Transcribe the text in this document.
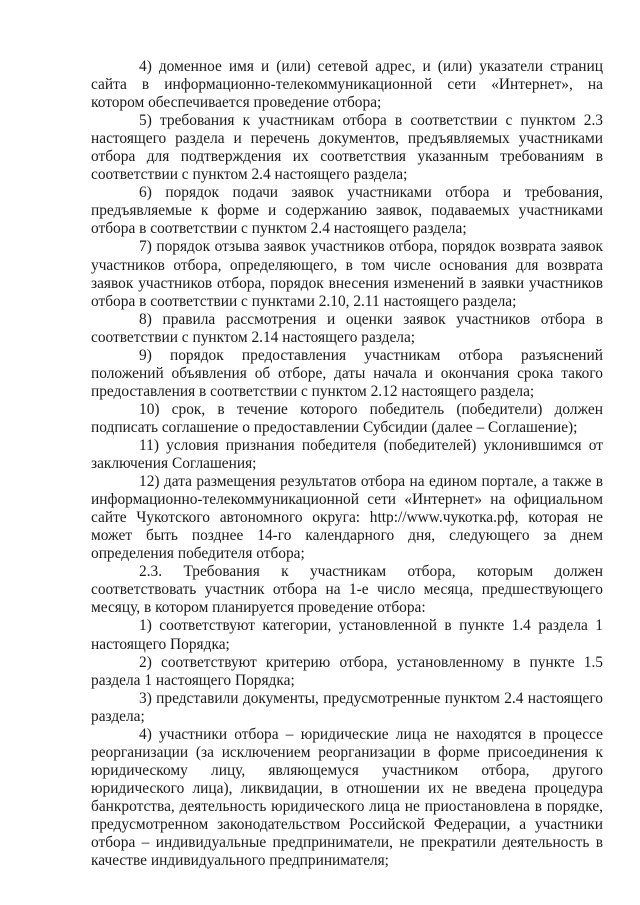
4) доменное имя и (или) сетевой адрес, и (или) указатели страниц сайта в информационно-телекоммуникационной сети «Интернет», на котором обеспечивается проведение отбора;

5) требования к участникам отбора в соответствии с пунктом 2.3 настоящего раздела и перечень документов, предъявляемых участниками отбора для подтверждения их соответствия указанным требованиям в соответствии с пунктом 2.4 настоящего раздела;

6) порядок подачи заявок участниками отбора и требования, предъявляемые к форме и содержанию заявок, подаваемых участниками отбора в соответствии с пунктом 2.4 настоящего раздела;

7) порядок отзыва заявок участников отбора, порядок возврата заявок участников отбора, определяющего, в том числе основания для возврата заявок участников отбора, порядок внесения изменений в заявки участников отбора в соответствии с пунктами 2.10, 2.11 настоящего раздела;

8) правила рассмотрения и оценки заявок участников отбора в соответствии с пунктом 2.14 настоящего раздела;

9) порядок предоставления участникам отбора разъяснений положений объявления об отборе, даты начала и окончания срока такого предоставления в соответствии с пунктом 2.12 настоящего раздела;

10) срок, в течение которого победитель (победители) должен подписать соглашение о предоставлении Субсидии (далее – Соглашение);

11) условия признания победителя (победителей) уклонившимся от заключения Соглашения;

12) дата размещения результатов отбора на едином портале, а также в информационно-телекоммуникационной сети «Интернет» на официальном сайте Чукотского автономного округа: http://www.чукотка.рф, которая не может быть позднее 14-го календарного дня, следующего за днем определения победителя отбора;

2.3. Требования к участникам отбора, которым должен соответствовать участник отбора на 1-е число месяца, предшествующего месяцу, в котором планируется проведение отбора:

1) соответствуют категории, установленной в пункте 1.4 раздела 1 настоящего Порядка;

2) соответствуют критерию отбора, установленному в пункте 1.5 раздела 1 настоящего Порядка;

3) представили документы, предусмотренные пунктом 2.4 настоящего раздела;

4) участники отбора – юридические лица не находятся в процессе реорганизации (за исключением реорганизации в форме присоединения к юридическому лицу, являющемуся участником отбора, другого юридического лица), ликвидации, в отношении их не введена процедура банкротства, деятельность юридического лица не приостановлена в порядке, предусмотренном законодательством Российской Федерации, а участники отбора – индивидуальные предприниматели, не прекратили деятельность в качестве индивидуального предпринимателя;
